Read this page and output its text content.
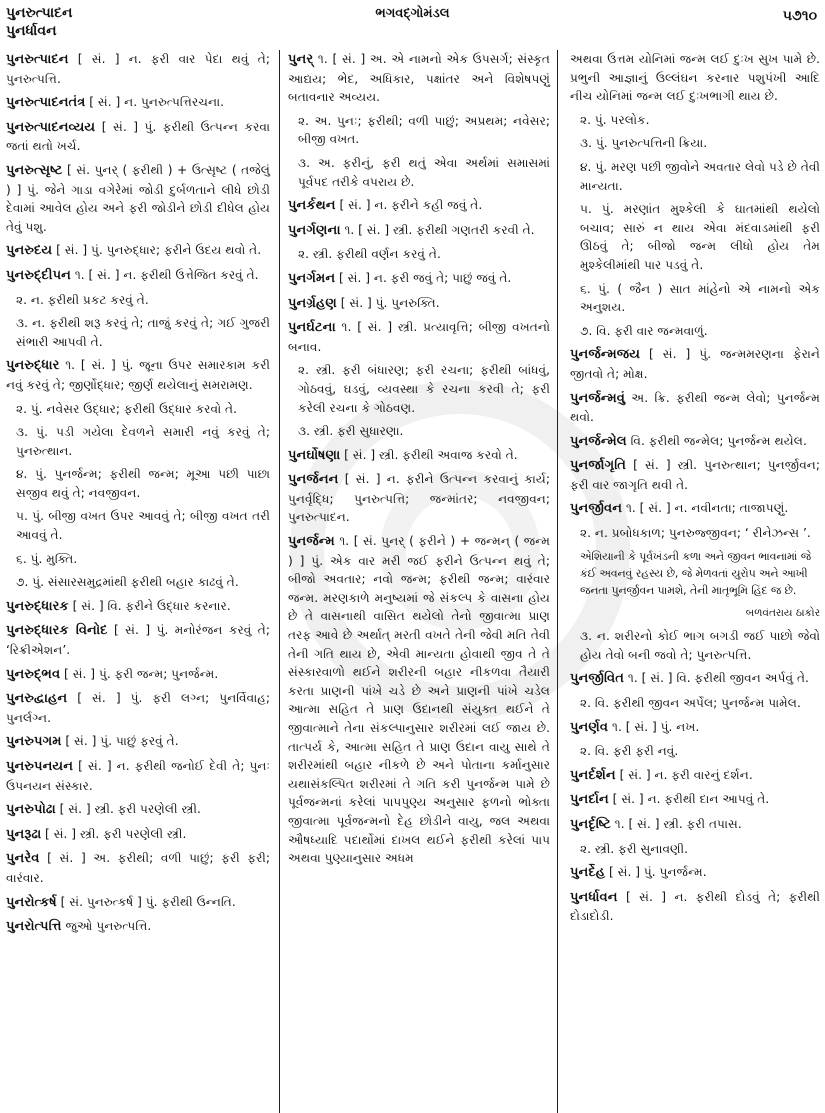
પુનરુત્પાદન
પુનર્ધાવન
ભગવદ્ગોમંડલ	૫૭૧૦
પુનરુત્પાદન [ સં. ] ન. ફરી વાર પેદા થવું તે; પુનરુત્પત્તિ.
પુનરુત્પાદનતંત્ર [ સં. ] ન. પુનરુત્પત્તિરચના.
પુનરુત્પાદનવ્યય [ સં. ] પું. ફરીથી ઉત્પન્ન કરવા જતાં થતો ખર્ચ.
પુનરુત્સૃષ્ટ [ સં. પુનર્ ( ફરીથી ) + ઉત્સૃષ્ટ ( તજેલું ) ] પું. જેને ગાડા વગેરેમાં જોડી દુર્બળતાને લીધે છોડી દેવામાં આવેલ હોય અને ફરી જોડીને છોડી દીધેલ હોય તેવું પશુ.
પુનરુદય [ સં. ] પું. પુનરુદ્ધાર; ફરીને ઉદય થવો તે.
પુનરુદ્દીપન ૧. [ સં. ] ન. ફરીથી ઉત્તેજિત કરવું તે.
૨. ન. ફરીથી પ્રકટ કરવું તે.
૩. ન. ફરીથી શરૂ કરવું તે; તાજું કરવું તે; ગઈ ગુજરી સંભારી આપવી તે.
પુનરુદ્ધાર ૧. [ સં. ] પું. જૂના ઉપર સમારકામ કરી નવું કરવું તે; જીર્ણોદ્ધાર; જીર્ણ થયેલાનું સમરામણ.
૨. પું. નવેસર ઉદ્ધાર; ફરીથી ઉદ્ધાર કરવો તે.
૩. પું. પડી ગયેલા દેવળને સમારી નવું કરવું તે; પુનરુત્થાન.
૪. પું. પુનર્જન્મ; ફરીથી જન્મ; મૂઆ પછી પાછા સજીવ થવું તે; નવજીવન.
૫. પું. બીજી વખત ઉપર આવવું તે; બીજી વખત તરી આવવું તે.
૬. પું. મુક્તિ.
૭. પું. સંસારસમુદ્રમાંથી ફરીથી બહાર કાઢવું તે.
પુનરુદ્ધારક [ સં. ] વિ. ફરીને ઉદ્ધાર કરનાર.
પુનરુદ્ધારક વિનોદ [ સં. ] પું. મનોરંજન કરવું તે; ‘રિક્રીએશન’.
પુનરુદ્ભવ [ સં. ] પું. ફરી જન્મ; પુનર્જન્મ.
પુનરુદ્વાહન [ સં. ] પું. ફરી લગ્ન; પુનર્વિવાહ; પુનર્લગ્ન.
પુનરુપગમ [ સં. ] પું. પાછું ફરવું તે.
પુનરુપનયન [ સં. ] ન. ફરીથી જનોઈ દેવી તે; પુનઃ ઉપનયન સંસ્કાર.
પુનરુપોઢા [ સં. ] સ્ત્રી. ફરી પરણેલી સ્ત્રી.
પુનરૂઢા [ સં. ] સ્ત્રી. ફરી પરણેલી સ્ત્રી.
પુનરેવ [ સં. ] અ. ફરીથી; વળી પાછું; ફરી ફરી; વારંવાર.
પુનરોત્કર્ષ [ સં. પુનરુત્કર્ષ ] પું. ફરીથી ઉન્નતિ.
પુનરોત્પત્તિ જુઓ પુનરુત્પત્તિ.
પુનર્ ૧. [ સં. ] અ. એ નામનો એક ઉપસર્ગ; સંસ્કૃત આદ્યય; ભેદ, અધિકાર, પક્ષાંતર અને વિશેષપણું બતાવનાર અવ્યય.
૨. અ. પુનઃ; ફરીથી; વળી પાછું; અપ્રથમ; નવેસર; બીજી વખત.
૩. અ. ફરીનું, ફરી થતું એવા અર્થમાં સમાસમાં પૂર્વપદ તરીકે વપરાય છે.
પુનર્કથન [ સં. ] ન. ફરીને કહી જવું તે.
પુનર્ગણના ૧. [ સં. ] સ્ત્રી. ફરીથી ગણતરી કરવી તે.
૨. સ્ત્રી. ફરીથી વર્ણન કરવું તે.
પુનર્ગમન [ સં. ] ન. ફરી જવું તે; પાછું જવું તે.
પુનર્ગ્રહણ [ સં. ] પું. પુનરુક્તિ.
પુનર્ઘટના ૧. [ સં. ] સ્ત્રી. પ્રત્યાવૃત્તિ; બીજી વખતનો બનાવ.
૨. સ્ત્રી. ફરી બંધારણ; ફરી રચના; ફરીથી બાંધવું, ગોઠવવું, ઘડવું, વ્યવસ્થા કે રચના કરવી તે; ફરી કરેલી રચના કે ગોઠવણ.
૩. સ્ત્રી. ફરી સુધારણા.
પુનર્ઘોષણા [ સં. ] સ્ત્રી. ફરીથી અવાજ કરવો તે.
પુનર્જનન [ સં. ] ન. ફરીને ઉત્પન્ન કરવાનું કાર્ય; પુનર્વૃદ્ધિ; પુનરુત્પત્તિ; જન્માંતર; નવજીવન; પુનરુત્પાદન.
પુનર્જન્મ ૧. [ સં. પુનર્ ( ફરીને ) + જન્મન્ ( જન્મ ) ] પું. એક વાર મરી જઈ ફરીને ઉત્પન્ન થવું તે; બીજો અવતાર; નવો જન્મ; ફરીથી જન્મ; વારંવાર જન્મ. મરણકાળે મનુષ્યમાં જે સંકલ્પ કે વાસના હોય છે તે વાસનાથી વાસિત થયેલો તેનો જીવાત્મા પ્રાણ તરફ આવે છે અર્થાત્ મરતી વખતે તેની જેવી મતિ તેવી તેની ગતિ થાય છે, એવી માન્યતા હોવાથી જીવ તે તે સંસ્કારવાળો થઈને શરીરની બહાર નીકળવા તૈયારી કરતા પ્રાણની પાંખે ચડે છે અને પ્રાણની પાંખે ચડેલ આત્મા સહિત તે પ્રાણ ઉદાનથી સંયુક્ત થઈને તે જીવાત્માને તેના સંકલ્પાનુસાર શરીરમાં લઈ જાય છે. તાત્પર્ય કે, આત્મા સહિત તે પ્રાણ ઉદાન વાયુ સાથે તે શરીરમાંથી બહાર નીકળે છે અને પોતાના કર્માનુસાર યથાસંકલ્પિત શરીરમાં તે ગતિ કરી પુનર્જન્મ પામે છે પૂર્વજન્મનાં કરેલાં પાપપુણ્ય અનુસાર ફળનો ભોક્તા જીવાત્મા પૂર્વજન્મનો દેહ છોડીને વાયુ, જલ અથવા ઔષધ્યાદિ પદાર્થોમાં દાખલ થઈને ફરીથી કરેલાં પાપ અથવા પુણ્યાનુસાર અધમ
અથવા ઉત્તમ યોનિમાં જન્મ લઈ દુઃખ સુખ પામે છે. પ્રભુની આજ્ઞાનું ઉલ્લંઘન કરનાર પશુપંખી આદિ નીચ યોનિમાં જન્મ લઈ દુઃખભાગી થાય છે.
૨. પું. પરલોક.
૩. પું. પુનરુત્પત્તિની ક્રિયા.
૪. પું. મરણ પછી જીવોને અવતાર લેવો પડે છે તેવી માન્યતા.
૫. પું. મરણાંત મુશ્કેલી કે ઘાતમાંથી થયેલો બચાવ; સારું ન થાય એવા મંદવાડમાંથી ફરી ઊઠવું તે; બીજો જન્મ લીધો હોય તેમ મુશ્કેલીમાંથી પાર પડવું તે.
૬. પું. ( જૈન ) સાત માંહેનો એ નામનો એક અનુશય.
૭. વિ. ફરી વાર જન્મવાળું.
પુનર્જન્મજય [ સં. ] પું. જન્મમરણના ફેરાને જીતવો તે; મોક્ષ.
પુનર્જન્મવું અ. ક્રિ. ફરીથી જન્મ લેવો; પુનર્જન્મ થવો.
પુનર્જન્મેલ વિ. ફરીથી જન્મેલ; પુનર્જન્મ થયેલ.
પુનર્જાગૃતિ [ સં. ] સ્ત્રી. પુનરુત્થાન; પુનર્જીવન; ફરી વાર જાગૃતિ થવી તે.
પુનર્જીવન ૧. [ સં. ] ન. નવીનતા; તાજાપણું.
૨. ન. પ્રબોધકાળ; પુનરુજ્જીવન; ‘ રીનેઝન્સ ’.
એશિયાની કે પૂર્વખંડની કળા અને જીવન ભાવનામાં જે કંઈ અવનવું રહસ્ય છે, જે મેળવતાં યુરોપ અને આખી જનતા પુનર્જીવન પામશે, તેની માતૃભૂમિ હિંદ જ છે.
બળવંતરાય ઠાકોર
૩. ન. શરીરનો કોઈ ભાગ બગડી જઈ પાછો જેવો હોય તેવો બની જવો તે; પુનરુત્પત્તિ.
પુનર્જીવિત ૧. [ સં. ] વિ. ફરીથી જીવન અર્પવું તે.
૨. વિ. ફરીથી જીવન અર્પેલ; પુનર્જન્મ પામેલ.
પુનર્ણવ ૧. [ સં. ] પું. નખ.
૨. વિ. ફરી ફરી નવું.
પુનર્દર્શન [ સં. ] ન. ફરી વારનું દર્શન.
પુનર્દાન [ સં. ] ન. ફરીથી દાન આપવું તે.
પુનર્દૃષ્ટિ ૧. [ સં. ] સ્ત્રી. ફરી તપાસ.
૨. સ્ત્રી. ફરી સુનાવણી.
પુનર્દેહ [ સં. ] પું. પુનર્જન્મ.
પુનર્ધાવન [ સં. ] ન. ફરીથી દોડવું તે; ફરીથી દોડાદોડી.
